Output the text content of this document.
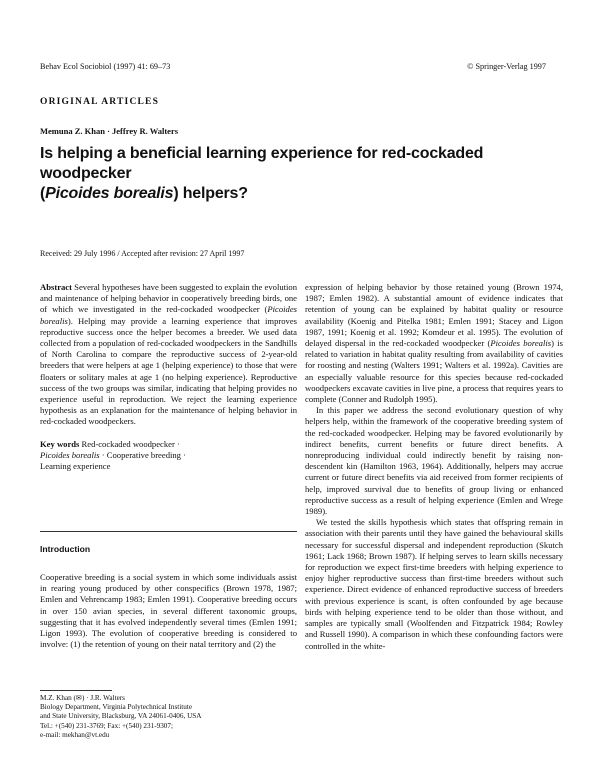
Behav Ecol Sociobiol (1997) 41: 69–73	© Springer-Verlag 1997
ORIGINAL ARTICLES
Memuna Z. Khan · Jeffrey R. Walters
Is helping a beneficial learning experience for red-cockaded woodpecker
(Picoides borealis) helpers?
Received: 29 July 1996 / Accepted after revision: 27 April 1997

Abstract Several hypotheses have been suggested to explain the evolution and maintenance of helping behavior in cooperatively breeding birds, one of which we investigated in the red-cockaded woodpecker (Picoides borealis). Helping may provide a learning experience that improves reproductive success once the helper becomes a breeder. We used data collected from a population of red-cockaded woodpeckers in the Sandhills of North Carolina to compare the reproductive success of 2-year-old breeders that were helpers at age 1 (helping experience) to those that were floaters or solitary males at age 1 (no helping experience). Reproductive success of the two groups was similar, indicating that helping provides no experience useful in reproduction. We reject the learning experience hypothesis as an explanation for the maintenance of helping behavior in red-cockaded woodpeckers.

Key words Red-cockaded woodpecker ·
Picoides borealis · Cooperative breeding ·
Learning experience
Introduction

Cooperative breeding is a social system in which some individuals assist in rearing young produced by other conspecifics (Brown 1978, 1987; Emlen and Vehrencamp 1983; Emlen 1991). Cooperative breeding occurs in over 150 avian species, in several different taxonomic groups, suggesting that it has evolved independently several times (Emlen 1991; Ligon 1993). The evolution of cooperative breeding is considered to involve: (1) the retention of young on their natal territory and (2) the

M.Z. Khan (✉) · J.R. Walters
Biology Department, Virginia Polytechnical Institute
and State University, Blacksburg, VA 24061-0406, USA
Tel.: +(540) 231-3769; Fax: +(540) 231-9307;
e-mail: mekhan@vt.edu

expression of helping behavior by those retained young (Brown 1974, 1987; Emlen 1982). A substantial amount of evidence indicates that retention of young can be explained by habitat quality or resource availability (Koenig and Pitelka 1981; Emlen 1991; Stacey and Ligon 1987, 1991; Koenig et al. 1992; Komdeur et al. 1995). The evolution of delayed dispersal in the red-cockaded woodpecker (Picoides borealis) is related to variation in habitat quality resulting from availability of cavities for roosting and nesting (Walters 1991; Walters et al. 1992a). Cavities are an especially valuable resource for this species because red-cockaded woodpeckers excavate cavities in live pine, a process that requires years to complete (Conner and Rudolph 1995).

In this paper we address the second evolutionary question of why helpers help, within the framework of the cooperative breeding system of the red-cockaded woodpecker. Helping may be favored evolutionarily by indirect benefits, current benefits or future direct benefits. A nonreproducing individual could indirectly benefit by raising non-descendent kin (Hamilton 1963, 1964). Additionally, helpers may accrue current or future direct benefits via aid received from former recipients of help, improved survival due to benefits of group living or enhanced reproductive success as a result of helping experience (Emlen and Wrege 1989).

We tested the skills hypothesis which states that offspring remain in association with their parents until they have gained the behavioural skills necessary for successful dispersal and independent reproduction (Skutch 1961; Lack 1968; Brown 1987). If helping serves to learn skills necessary for reproduction we expect first-time breeders with helping experience to enjoy higher reproductive success than first-time breeders without such experience. Direct evidence of enhanced reproductive success of breeders with previous experience is scant, is often confounded by age because birds with helping experience tend to be older than those without, and samples are typically small (Woolfenden and Fitzpatrick 1984; Rowley and Russell 1990). A comparison in which these confounding factors were controlled in the white-
